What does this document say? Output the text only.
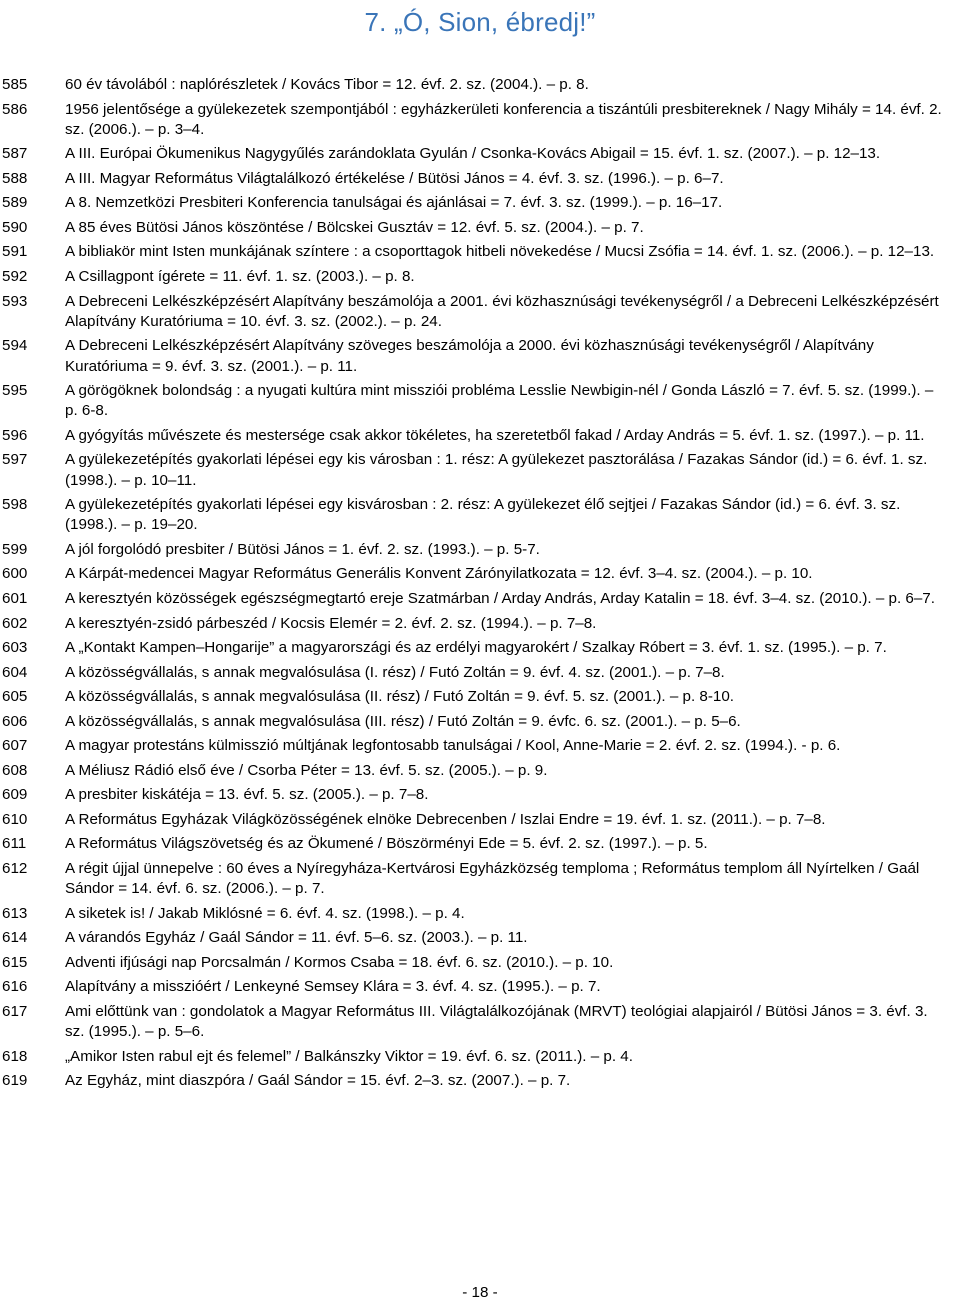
7. „Ó, Sion, ébredj!”
585	60 év távolából : naplórészletek / Kovács Tibor = 12. évf. 2. sz. (2004.). – p. 8.
586	1956 jelentősége a gyülekezetek szempontjából : egyházkerületi konferencia a tiszántúli presbitereknek / Nagy Mihály = 14. évf. 2. sz. (2006.). – p. 3–4.
587	A III. Európai Ökumenikus Nagygyűlés zarándoklata Gyulán / Csonka-Kovács Abigail = 15. évf. 1. sz. (2007.). – p. 12–13.
588	A III. Magyar Református Világtalálkozó értékelése / Bütösi János = 4. évf. 3. sz. (1996.). – p. 6–7.
589	A 8. Nemzetközi Presbiteri Konferencia tanulságai és ajánlásai = 7. évf. 3. sz. (1999.). – p. 16–17.
590	A 85 éves Bütösi János köszöntése / Bölcskei Gusztáv = 12. évf. 5. sz. (2004.). – p. 7.
591	A bibliakör mint Isten munkájának színtere : a csoporttagok hitbeli növekedése / Mucsi Zsófia = 14. évf. 1. sz. (2006.). – p. 12–13.
592	A Csillagpont ígérete = 11. évf. 1. sz. (2003.). – p. 8.
593	A Debreceni Lelkészképzésért Alapítvány beszámolója a 2001. évi közhasznúsági tevékenységről / a Debreceni Lelkészképzésért Alapítvány Kuratóriuma = 10. évf. 3. sz. (2002.). – p. 24.
594	A Debreceni Lelkészképzésért Alapítvány szöveges beszámolója a 2000. évi közhasznúsági tevékenységről / Alapítvány Kuratóriuma = 9. évf. 3. sz. (2001.). – p. 11.
595	A görögöknek bolondság : a nyugati kultúra mint missziói probléma Lesslie Newbigin-nél / Gonda László = 7. évf. 5. sz. (1999.). – p. 6-8.
596	A gyógyítás művészete és mestersége csak akkor tökéletes, ha szeretetből fakad / Arday András = 5. évf. 1. sz. (1997.). – p. 11.
597	A gyülekezetépítés gyakorlati lépései egy kis városban : 1. rész: A gyülekezet pasztorálása / Fazakas Sándor (id.) = 6. évf. 1. sz. (1998.). – p. 10–11.
598	A gyülekezetépítés gyakorlati lépései egy kisvárosban : 2. rész: A gyülekezet élő sejtjei / Fazakas Sándor (id.) = 6. évf. 3. sz. (1998.). – p. 19–20.
599	A jól forgolódó presbiter / Bütösi János = 1. évf. 2. sz. (1993.). – p. 5-7.
600	A Kárpát-medencei Magyar Református Generális Konvent Zárónyilatkozata = 12. évf. 3–4. sz. (2004.). – p. 10.
601	A keresztyén közösségek egészségmegtartó ereje Szatmárban / Arday András, Arday Katalin = 18. évf. 3–4. sz. (2010.). – p. 6–7.
602	A keresztyén-zsidó párbeszéd / Kocsis Elemér = 2. évf. 2. sz. (1994.). – p. 7–8.
603	A „Kontakt Kampen–Hongarije” a magyarországi és az erdélyi magyarokért / Szalkay Róbert = 3. évf. 1. sz. (1995.). – p. 7.
604	A közösségvállalás, s annak megvalósulása (I. rész) / Futó Zoltán = 9. évf. 4. sz. (2001.). – p. 7–8.
605	A közösségvállalás, s annak megvalósulása (II. rész) / Futó Zoltán = 9. évf. 5. sz. (2001.). – p. 8-10.
606	A közösségvállalás, s annak megvalósulása (III. rész) / Futó Zoltán = 9. évfc. 6. sz. (2001.). – p. 5–6.
607	A magyar protestáns külmisszió múltjának legfontosabb tanulságai / Kool, Anne-Marie = 2. évf. 2. sz. (1994.). - p. 6.
608	A Méliusz Rádió első éve / Csorba Péter = 13. évf. 5. sz. (2005.). – p. 9.
609	A presbiter kiskátéja = 13. évf. 5. sz. (2005.). – p. 7–8.
610	A Református Egyházak Világközösségének elnöke Debrecenben / Iszlai Endre = 19. évf. 1. sz. (2011.). – p. 7–8.
611	A Református Világszövetség és az Ökumené / Böszörményi Ede = 5. évf. 2. sz. (1997.). – p. 5.
612	A régit újjal ünnepelve : 60 éves a Nyíregyháza-Kertvárosi Egyházközség temploma ; Református templom áll Nyírtelken / Gaál Sándor = 14. évf. 6. sz. (2006.). – p. 7.
613	A siketek is! / Jakab Miklósné = 6. évf. 4. sz. (1998.). – p. 4.
614	A várandós Egyház / Gaál Sándor = 11. évf. 5–6. sz. (2003.). – p. 11.
615	Adventi ifjúsági nap Porcsalmán / Kormos Csaba = 18. évf. 6. sz. (2010.). – p. 10.
616	Alapítvány a misszióért / Lenkeyné Semsey Klára = 3. évf. 4. sz. (1995.). – p. 7.
617	Ami előttünk van : gondolatok a Magyar Református III. Világtalálkozójának (MRVT) teológiai alapjairól / Bütösi János = 3. évf. 3. sz. (1995.). – p. 5–6.
618	„Amikor Isten rabul ejt és felemel” / Balkánszky Viktor = 19. évf. 6. sz. (2011.). – p. 4.
619	Az Egyház, mint diaszpóra / Gaál Sándor = 15. évf. 2–3. sz. (2007.). – p. 7.
- 18 -
